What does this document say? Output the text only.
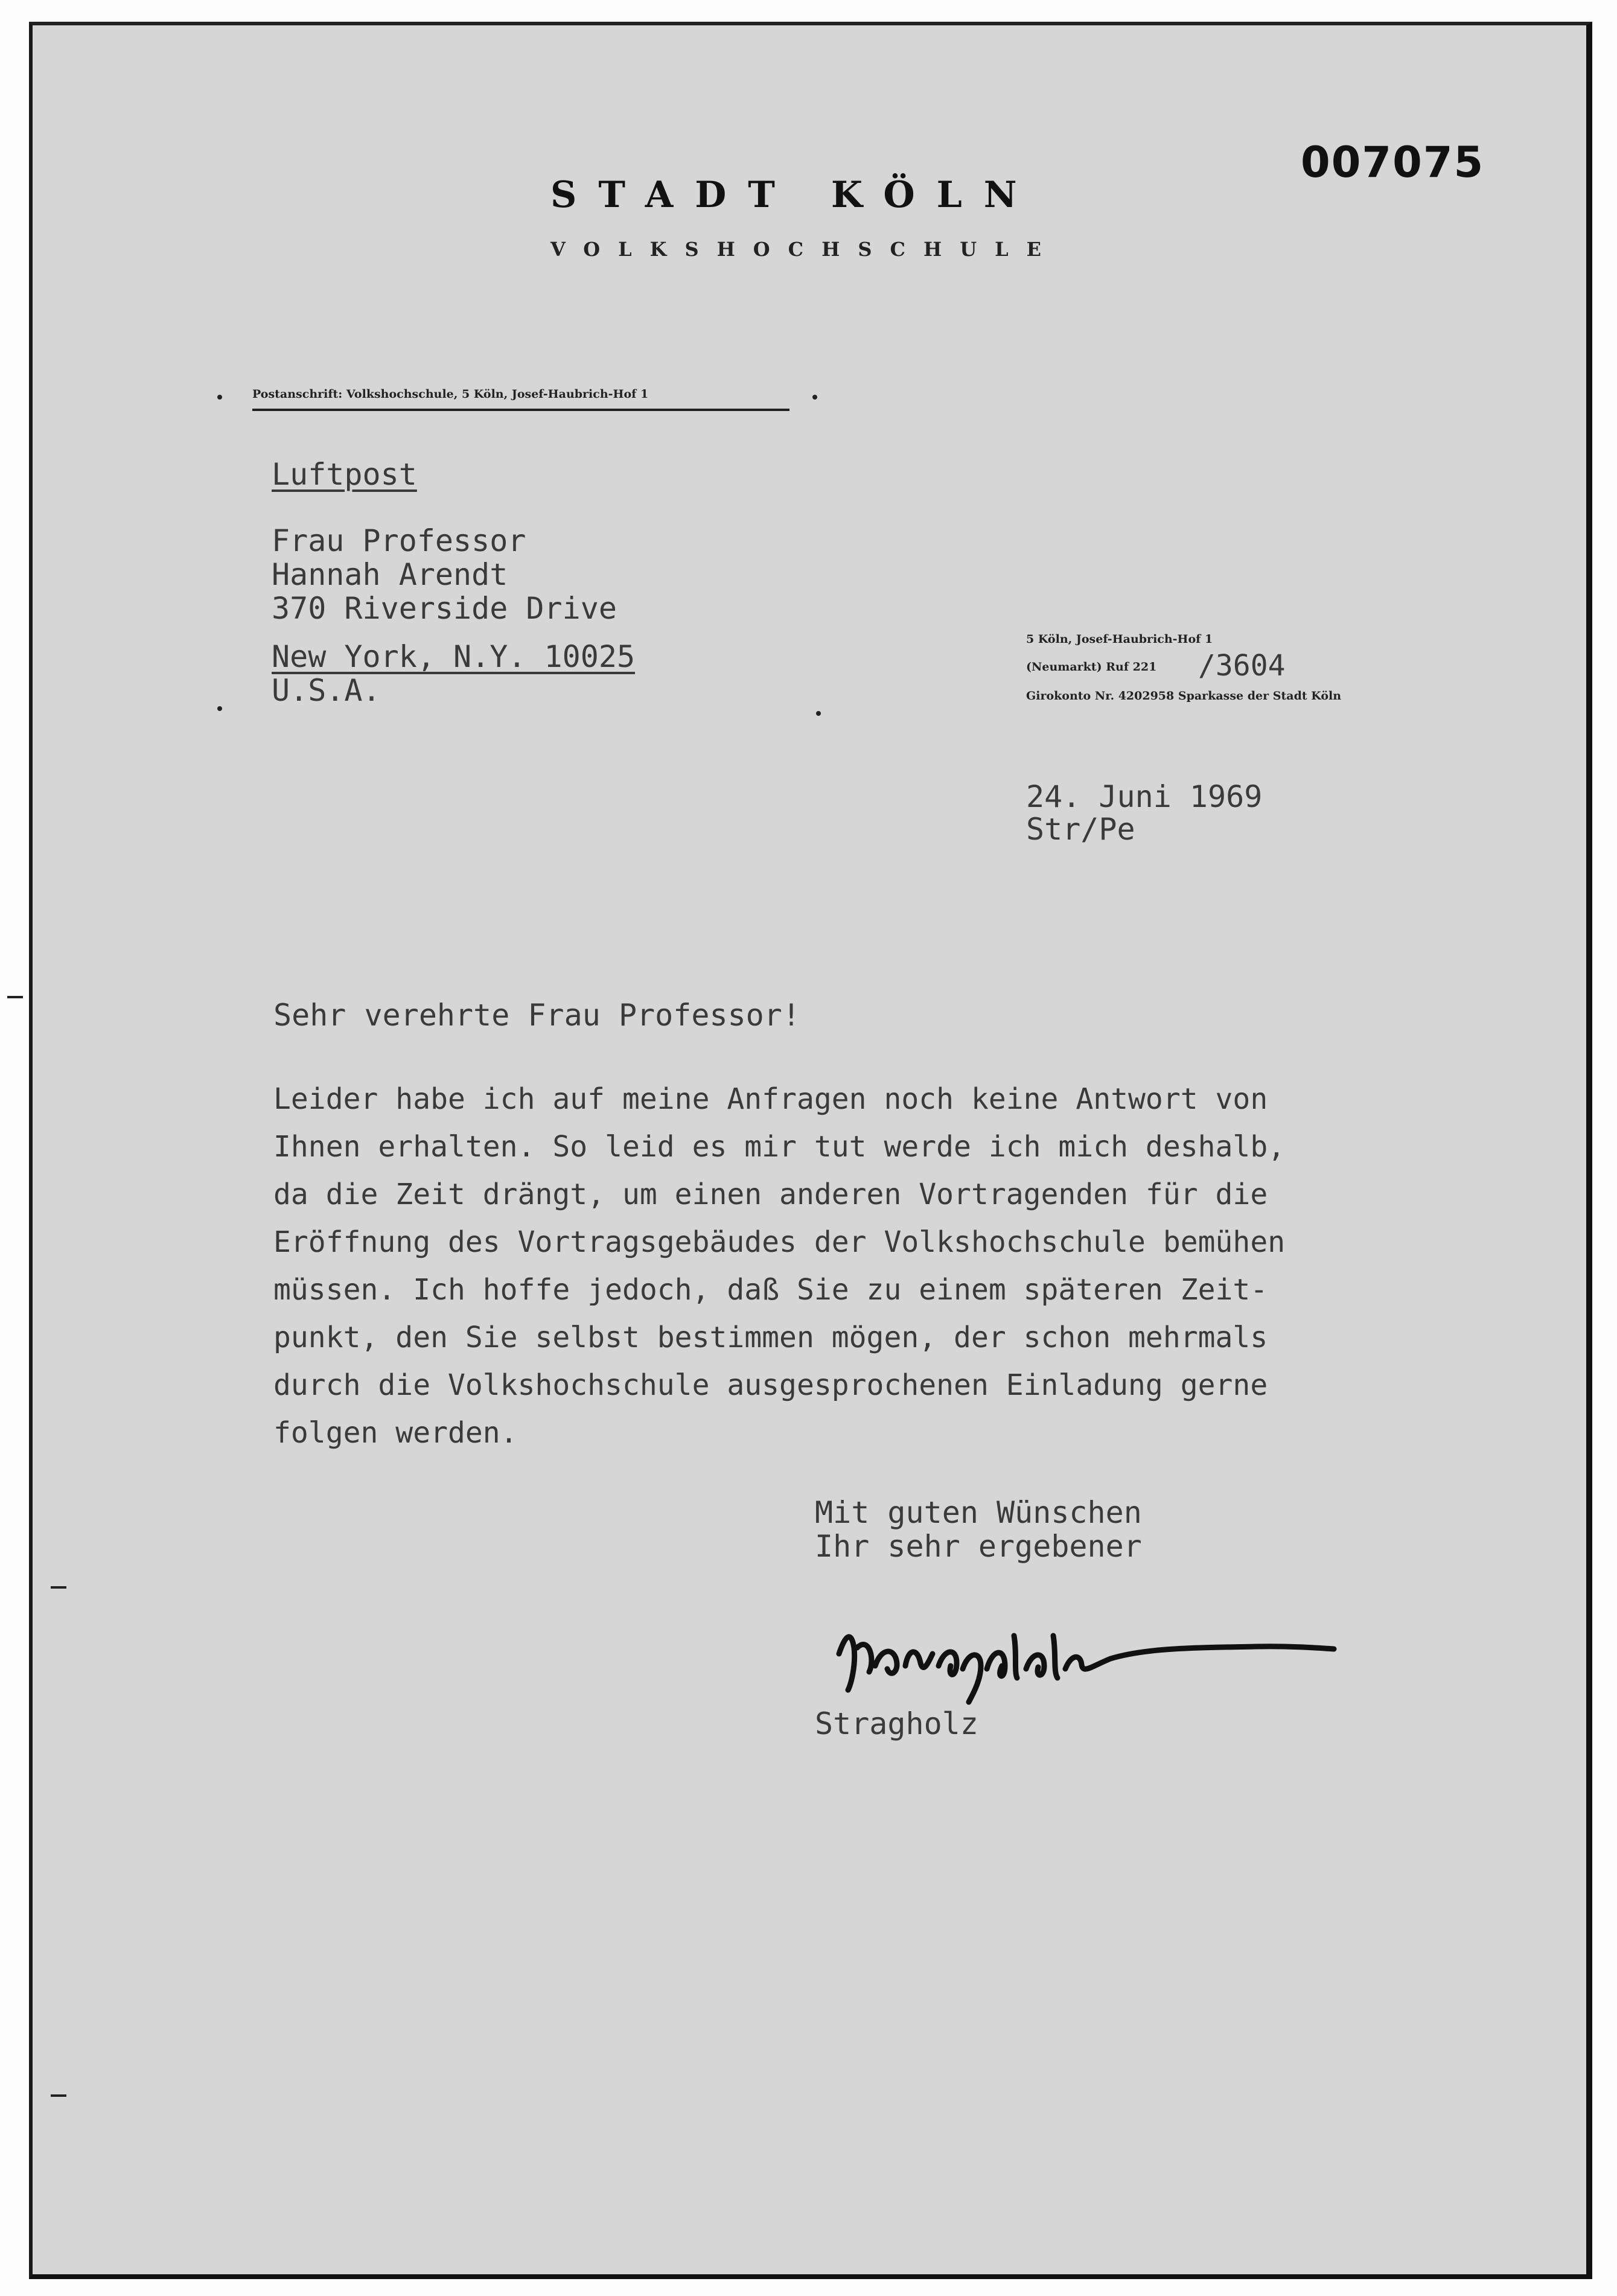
007075
STADT KÖLN
VOLKSHOCHSCHULE
Postanschrift: Volkshochschule, 5 Köln, Josef-Haubrich-Hof 1
Luftpost
Frau Professor
Hannah Arendt
370 Riverside Drive
New York, N.Y. 10025
U.S.A.
5 Köln, Josef-Haubrich-Hof 1
(Neumarkt) Ruf 221 /3604
Girokonto Nr. 4202958 Sparkasse der Stadt Köln
24. Juni 1969
Str/Pe
Sehr verehrte Frau Professor!
Leider habe ich auf meine Anfragen noch keine Antwort von
Ihnen erhalten. So leid es mir tut werde ich mich deshalb,
da die Zeit drängt, um einen anderen Vortragenden für die
Eröffnung des Vortragsgebäudes der Volkshochschule bemühen
müssen. Ich hoffe jedoch, daß Sie zu einem späteren Zeit-
punkt, den Sie selbst bestimmen mögen, der schon mehrmals
durch die Volkshochschule ausgesprochenen Einladung gerne
folgen werden.
Mit guten Wünschen
Ihr sehr ergebener
Stragholz
